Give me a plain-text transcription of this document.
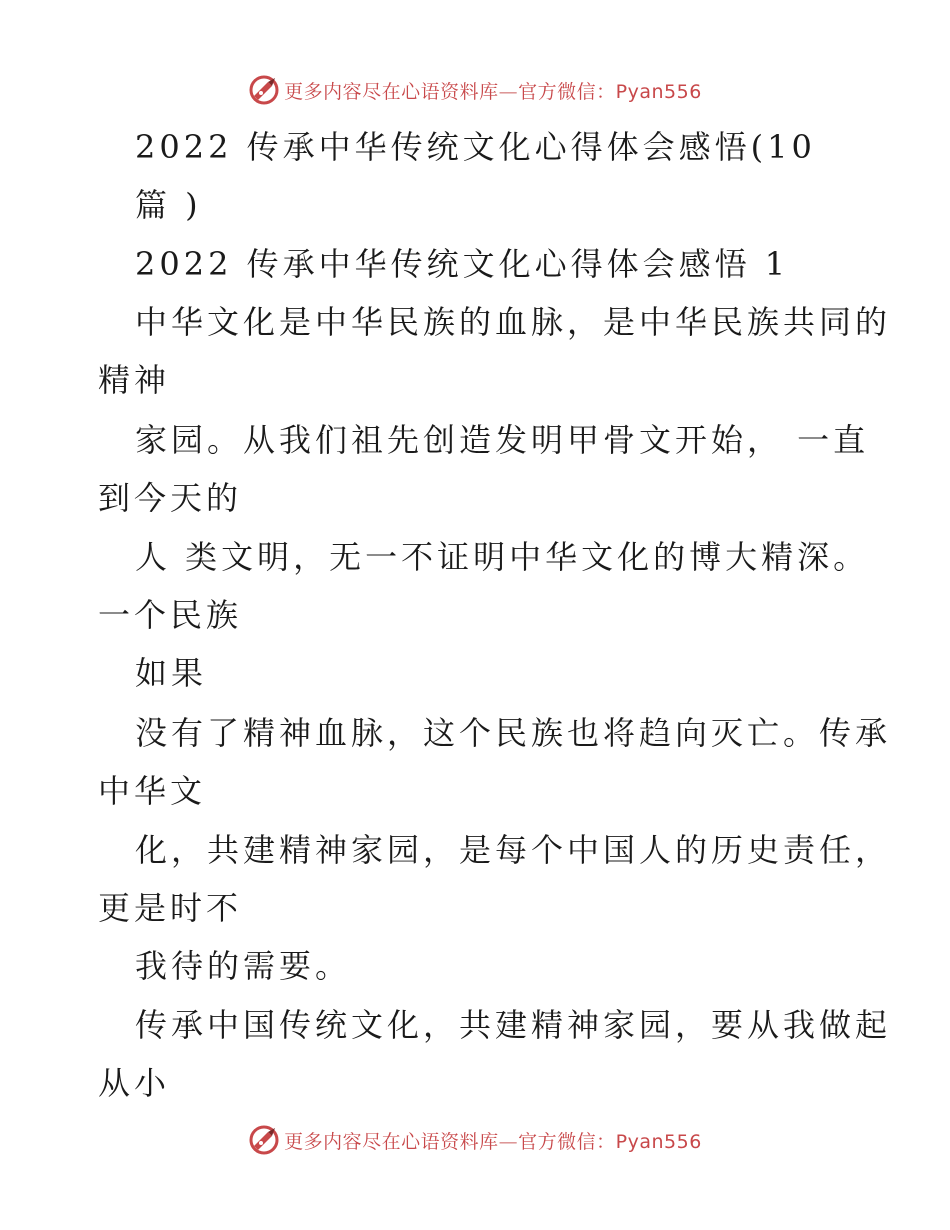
更多内容尽在心语资料库—官方微信：Pyan556
2022 传承中华传统文化心得体会感悟(10
篇 )
2022 传承中华传统文化心得体会感悟 1
中华文化是中华民族的血脉，是中华民族共同的
精神
家园。从我们祖先创造发明甲骨文开始， 一直
到今天的
人 类文明，无一不证明中华文化的博大精深。
一个民族
如果
没有了精神血脉，这个民族也将趋向灭亡。传承
中华文
化，共建精神家园，是每个中国人的历史责任，
更是时不
我待的需要。
传承中国传统文化，共建精神家园，要从我做起
从小
更多内容尽在心语资料库—官方微信：Pyan556
